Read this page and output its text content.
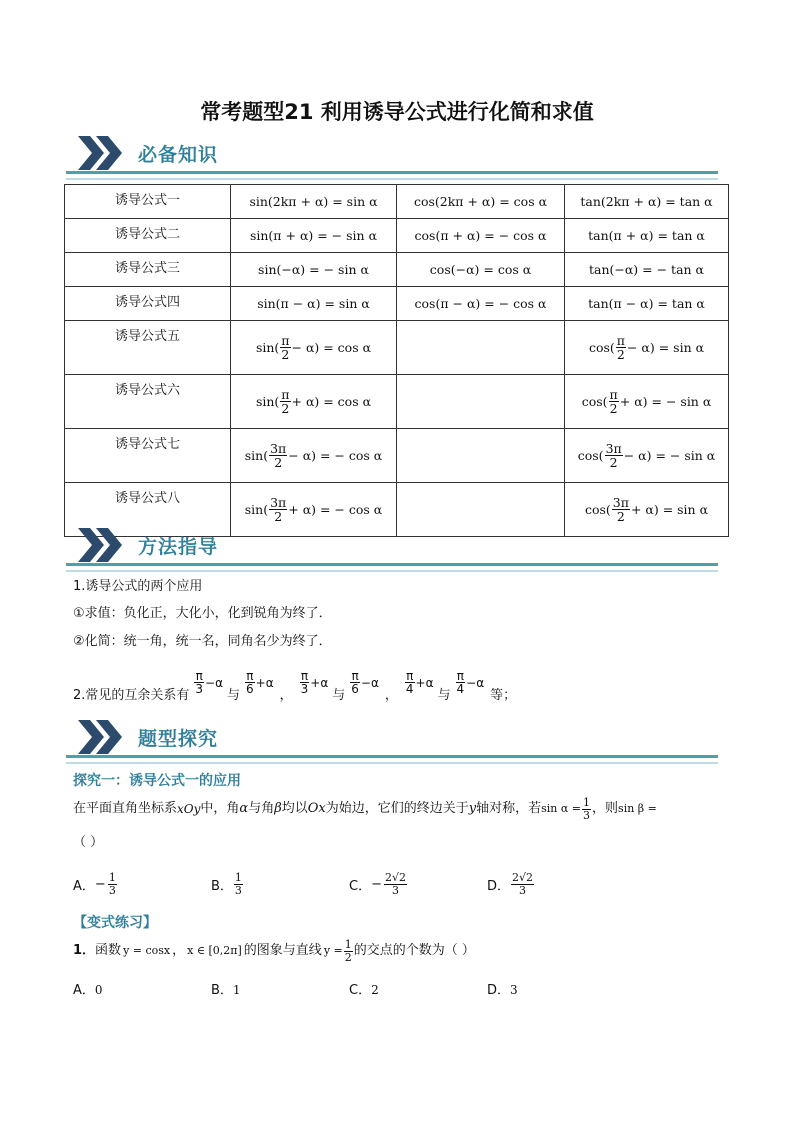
常考题型21 利用诱导公式进行化简和求值
必备知识
诱导公式一	sin(2kπ + α) = sin α	cos(2kπ + α) = cos α	tan(2kπ + α) = tan α
诱导公式二	sin(π + α) = − sin α	cos(π + α) = − cos α	tan(π + α) = tan α
诱导公式三	sin(−α) = − sin α	cos(−α) = cos α	tan(−α) = − tan α
诱导公式四	sin(π − α) = sin α	cos(π − α) = − cos α	tan(π − α) = tan α
诱导公式五	$\sin( \frac{\pi}{2} - \alpha) = \cos \alpha$		$\cos( \frac{\pi}{2} - \alpha) = \sin \alpha$

诱导公式六	$\sin( \frac{\pi}{2} + \alpha) = \cos \alpha$		$\cos( \frac{\pi}{2} + \alpha)$ = − sin α

诱导公式七	$\sin( \frac{3\pi}{2} - \alpha)$ = − cos α		$\cos( \frac{3\pi}{2} - \alpha)$ = − sin α

诱导公式八	$\sin( \frac{3\pi}{2} + \alpha)$ = − cos α		$\cos( \frac{3\pi}{2} + \alpha) = \sin \alpha$
方法指导
1.诱导公式的两个应用
①求值：负化正，大化小，化到锐角为终了．
②化简：统一角，统一名，同角名少为终了．
2.常见的互余关系有 $\frac{\pi}{3} -\alpha$
与 $\frac{\pi}{6} +\alpha$
， $\frac{\pi}{3} +\alpha$
与 $\frac{\pi}{6} -\alpha$
， $\frac{\pi}{4} +\alpha$
与 $\frac{\pi}{4} -\alpha$
等；
题型探究
探究一：诱导公式一的应用
在平面直角坐标系 xOy 中，角 α 与角 β 均以 Ox 为始边，它们的终边关于 y 轴对称，若 $\sin \alpha = \frac{1}{3}$ ，则 sin β =
（ ）
A． − $\frac{1}{3}$	B． $\frac{1}{3}$	C． − $\frac{2√2}{3}$	D． $\frac{2√2}{3}$
【变式练习】
1． 函数 y = cosx ， x ∈ [0,2π] 的图象与直线 $y = \frac{1}{2}$ 的交点的个数为（ ）
A．0	B．1	C．2	D．3
